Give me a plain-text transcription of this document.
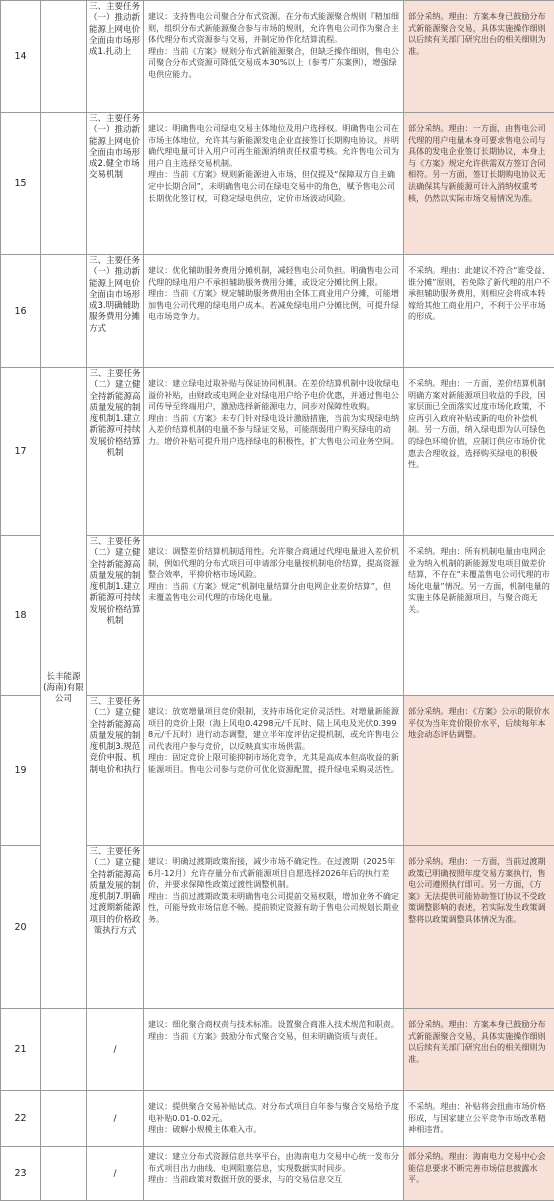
14		三、主要任务（一）推动新能源上网电价全面由市场形成1.扎动上	建议：支持售电公司聚合分布式资源。在分布式能源聚合规则『精加细则，组织分布式新能源聚合参与市场的规则，允许售电公司作为聚合主体代理分布式资源参与交易，并制定协作化结算流程。
理由：当前《方案》规则分布式新能源聚合，但缺乏操作细则，售电公司聚合分布式资源可降低交易成本30%以上（参考广东案例），增强绿电供应能力。	部分采纳。理由：方案本身已鼓励分布式新能源聚合交易，具体实施操作细则以后续有关部门研究出台的相关细则为准。
15		三、主要任务（一）推动新能源上网电价全面由市场形成2.健全市场交易机制	建议：明确售电公司绿电交易主体地位及用户选择权。明确售电公司在市场主体地位，允许其与新能源发电企业直接签订长期购电协议，并明确代理电量可计入用户可再生能源消纳责任权重考核。允许售电公司为用户自主选择交易机制。
理由：当前《方案》规则新能源进入市场，但仅提及“保障双方自主确定中长期合同”，未明确售电公司在绿电交易中的角色，赋予售电公司长期优化签订权，可稳定绿电供应，定价市场波动风险。	部分采纳。理由：一方面，由售电公司代理的用户电量本身可要求售电公司与具体的发电企业签订长期协议，本身上与《方案》规定允许供需双方签订合同相符。另一方面，签订长期购电协议无法确保其与新能源可计入消纳权重考核，仍然以实际市场交易情况为准。
16		三、主要任务（一）推动新能源上网电价全面由市场形成3.明确辅助服务费用分摊方式	建议：优化辅助服务费用分摊机制，减轻售电公司负担。明确售电公司代理的绿电用户不承担辅助服务费用分摊，或设定分摊比例上限。
理由：当前《方案》规定辅助服务费用由全体工商业用户分摊，可能增加售电公司代理的绿电用户成本。若减免绿电用户分摊比例，可提升绿电市场竞争力。	不采纳。理由：此建议不符合“谁受益、谁分摊”原则，若免除了新代理的用户不承担辅助服务费用，则相应会将成本转嫁给其他工商业用户，不利于公平市场的形成。
17	长丰能源(海南)有限公司	三、主要任务（二）建立健全持新能源高质量发展的制度机制1.建立新能源可持续发展价格结算机制	建议：建立绿电过取补贴与保证协同机制。在差价结算机制中设收绿电溢价补贴，由财政或电网企业对绿电用户给予电价优惠，并通过售电公司传导至终端用户，激励选择新能源电力，同步对保障性收购。
理由：当前《方案》未专门针对绿电设计激励措施，当前为实现绿电纳入差价结算机制的电量不参与绿证交易，可能削弱用户购买绿电的动力。增价补贴可提升用户选择绿电的积极性，扩大售电公司业务空间。	不采纳。理由：一方面，差价结算机制明确方案对新能源项目收益的手段，国家层面已全面落实过度市场化政策，不应再引入政府补贴或新的电价补偿机制。另一方面，纳入绿电即为认可绿色的绿色环境价值，应制订供应市场价优惠去合理收益，选择购买绿电的积极性。
18		三、主要任务（二）建立健全持新能源高质量发展的制度机制1.建立新能源可持续发展价格结算机制	建议：调整差价结算机制适用性。允许聚合商通过代理电量进入差价机制，例如代理的分布式项目可申请部分电量按机制电价结算，提高资源整合效率，平抑价格市场风险。
理由：当前《方案》规定“机制电量结算分由电网企业差价结算”，但未覆盖售电公司代理的市场化电量。	不采纳。理由：所有机制电量由电网企业为纳入机制的新能源发电项目做差价结算，不存在“未覆盖售电公司代理的市场化电量”情况。另一方面，机制电量的实施主体是新能源项目，与聚合商无关。
19		三、主要任务（二）建立健全持新能源高质量发展的制度机制3.规范竞价申报、机制电价和执行	建议：放宽增量项目竞价限制，支持市场化定价灵活性。对增量新能源项目的竞价上限（海上风电0.4298元/千瓦时、陆上风电及光伏0.3998元/千瓦时）进行动态调整，建立半年度评估定提机制，或允许售电公司代表用户参与竞价，以反映真实市场供需。
理由：固定竞价上限可能抑制市场化竞争，尤其是高成本但高收益的新能源项目。售电公司参与竞价可优化资源配置，提升绿电采购灵活性。	部分采纳。理由：《方案》公示的限价水平仅为当年竞价限价水平，后续每年本地会动态评估调整。
20		三、主要任务（二）建立健全持新能源高质量发展的制度机制7.明确过渡期新能源项目的价格政策执行方式	建议：明确过渡期政策衔接，减少市场不确定性。在过渡期（2025年6月-12月）允许存量分布式新能源项目自愿选择2026年后的执行差价，并要求保障性政策过渡性调整机制。
理由：当前过渡期政策未明确售电公司提前交易权限，增加业务不确定性，可能导致市场信息不畅。提前锁定资源有助于售电公司规划长期业务。	部分采纳。理由：一方面，当前过渡期政策已明确按照年度交易方案执行，售电公司遵照执行即可。另一方面，《方案》无法提供可能协助签订协议不受政策调整影响的表述，若实际发生政策调整将以政策调整具体情况为准。
21		/	建议：细化聚合商权责与技术标准。设置聚合商准入技术规范和职责。
理由：当前《方案》鼓励分布式聚合交易，但未明确资质与责任。	部分采纳。理由：方案本身已鼓励分布式新能源聚合交易，具体实施操作细则以后续有关部门研究出台的相关细则为准。
22		/	建议：提供聚合交易补贴试点。对分布式项目自年参与聚合交易给予度电补贴0.01-0.02元。
理由：破解小规模主体难入市。	不采纳。理由：补贴将会扭曲市场价格形成，与国家建立公平竞争市场改革精神相违背。
23		/	建议：建立分布式资源信息共享平台，由海南电力交易中心统一发布分布式项目出力曲线、电网阻塞信息，实现数据实时同步。
理由：当前政策对数据开放的要求，与的交易信息交互	部分采纳。理由：海南电力交易中心会能信息要求不断完善市场信息披露水平。
